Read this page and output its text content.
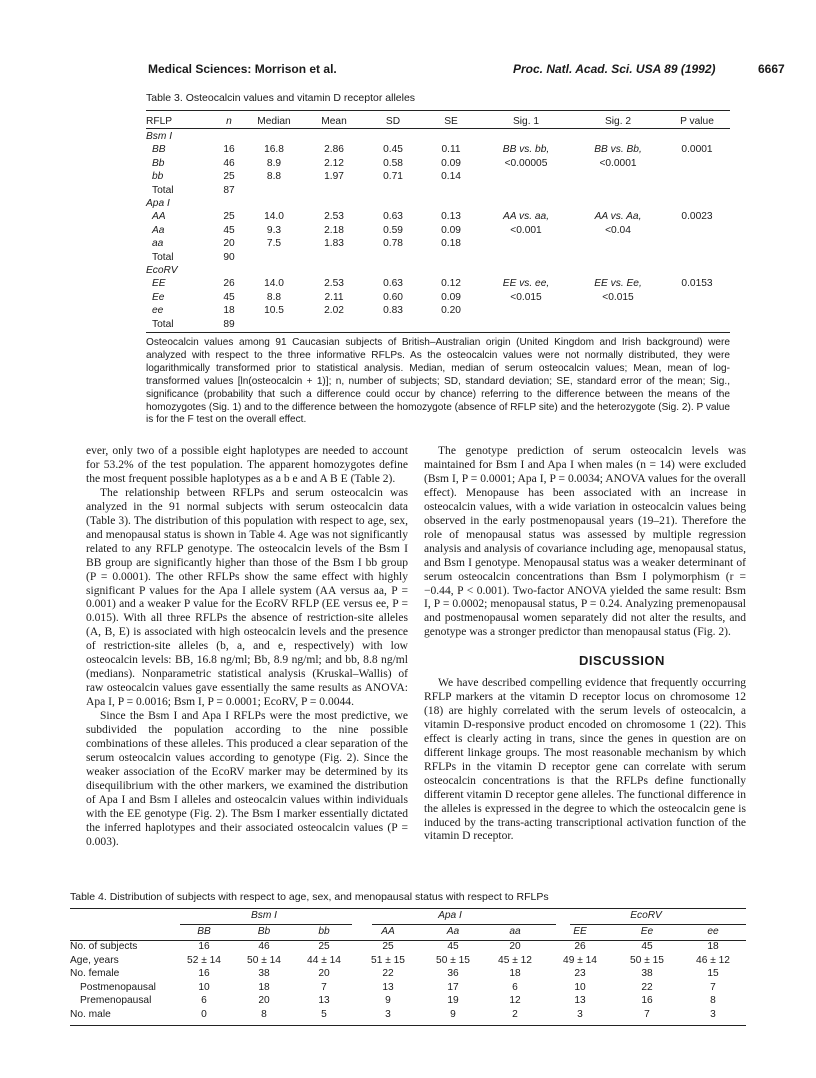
Medical Sciences: Morrison et al.	Proc. Natl. Acad. Sci. USA 89 (1992)	6667
Table 3. Osteocalcin values and vitamin D receptor alleles
RFLP	n	Median	Mean	SD	SE	Sig. 1	Sig. 2	P value
Bsm I								
BB	16	16.8	2.86	0.45	0.11	BB vs. bb,	BB vs. Bb,	0.0001
Bb	46	8.9	2.12	0.58	0.09	<0.00005	<0.0001	
bb	25	8.8	1.97	0.71	0.14			
Total	87							
Apa I								
AA	25	14.0	2.53	0.63	0.13	AA vs. aa,	AA vs. Aa,	0.0023
Aa	45	9.3	2.18	0.59	0.09	<0.001	<0.04	
aa	20	7.5	1.83	0.78	0.18			
Total	90							
EcoRV								
EE	26	14.0	2.53	0.63	0.12	EE vs. ee,	EE vs. Ee,	0.0153
Ee	45	8.8	2.11	0.60	0.09	<0.015	<0.015	
ee	18	10.5	2.02	0.83	0.20			
Total	89							
Osteocalcin values among 91 Caucasian subjects of British–Australian origin (United Kingdom and Irish background) were analyzed with respect to the three informative RFLPs. As the osteocalcin values were not normally distributed, they were logarithmically transformed prior to statistical analysis. Median, median of serum osteocalcin values; Mean, mean of log-transformed values [ln(osteocalcin + 1)]; n, number of subjects; SD, standard deviation; SE, standard error of the mean; Sig., significance (probability that such a difference could occur by chance) referring to the difference between the means of the homozygotes (Sig. 1) and to the difference between the homozygote (absence of RFLP site) and the heterozygote (Sig. 2). P value is for the F test on the overall effect.

ever, only two of a possible eight haplotypes are needed to account for 53.2% of the test population. The apparent homozygotes define the most frequent possible haplotypes as a b e and A B E (Table 2).

The relationship between RFLPs and serum osteocalcin was analyzed in the 91 normal subjects with serum osteocalcin data (Table 3). The distribution of this population with respect to age, sex, and menopausal status is shown in Table 4. Age was not significantly related to any RFLP genotype. The osteocalcin levels of the Bsm I BB group are significantly higher than those of the Bsm I bb group (P = 0.0001). The other RFLPs show the same effect with highly significant P values for the Apa I allele system (AA versus aa, P = 0.001) and a weaker P value for the EcoRV RFLP (EE versus ee, P = 0.015). With all three RFLPs the absence of restriction-site alleles (A, B, E) is associated with high osteocalcin levels and the presence of restriction-site alleles (b, a, and e, respectively) with low osteocalcin levels: BB, 16.8 ng/ml; Bb, 8.9 ng/ml; and bb, 8.8 ng/ml (medians). Nonparametric statistical analysis (Kruskal–Wallis) of raw osteocalcin values gave essentially the same results as ANOVA: Apa I, P = 0.0016; Bsm I, P = 0.0001; EcoRV, P = 0.0044.

Since the Bsm I and Apa I RFLPs were the most predictive, we subdivided the population according to the nine possible combinations of these alleles. This produced a clear separation of the serum osteocalcin values according to genotype (Fig. 2). Since the weaker association of the EcoRV marker may be determined by its disequilibrium with the other markers, we examined the distribution of Apa I and Bsm I alleles and osteocalcin values within individuals with the EE genotype (Fig. 2). The Bsm I marker essentially dictated the inferred haplotypes and their associated osteocalcin values (P = 0.003).

The genotype prediction of serum osteocalcin levels was maintained for Bsm I and Apa I when males (n = 14) were excluded (Bsm I, P = 0.0001; Apa I, P = 0.0034; ANOVA values for the overall effect). Menopause has been associated with an increase in osteocalcin values, with a wide variation in osteocalcin values being observed in the early postmenopausal years (19–21). Therefore the role of menopausal status was assessed by multiple regression analysis and analysis of covariance including age, menopausal status, and Bsm I genotype. Menopausal status was a weaker determinant of serum osteocalcin concentrations than Bsm I polymorphism (r = −0.44, P < 0.001). Two-factor ANOVA yielded the same result: Bsm I, P = 0.0002; menopausal status, P = 0.24. Analyzing premenopausal and postmenopausal women separately did not alter the results, and genotype was a stronger predictor than menopausal status (Fig. 2).

DISCUSSION

We have described compelling evidence that frequently occurring RFLP markers at the vitamin D receptor locus on chromosome 12 (18) are highly correlated with the serum levels of osteocalcin, a vitamin D-responsive product encoded on chromosome 1 (22). This effect is clearly acting in trans, since the genes in question are on different linkage groups. The most reasonable mechanism by which RFLPs in the vitamin D receptor gene can correlate with serum osteocalcin concentrations is that the RFLPs define functionally different vitamin D receptor gene alleles. The functional difference in the alleles is expressed in the degree to which the osteocalcin gene is induced by the trans-acting transcriptional activation function of the vitamin D receptor.

Table 4. Distribution of subjects with respect to age, sex, and menopausal status with respect to RFLPs
	Bsm I			Apa I			EcoRV		
	BB	Bb	bb	AA	Aa	aa	EE	Ee	ee
No. of subjects	16	46	25	25	45	20	26	45	18
Age, years	52 ± 14	50 ± 14	44 ± 14	51 ± 15	50 ± 15	45 ± 12	49 ± 14	50 ± 15	46 ± 12
No. female	16	38	20	22	36	18	23	38	15
Postmenopausal	10	18	7	13	17	6	10	22	7
Premenopausal	6	20	13	9	19	12	13	16	8
No. male	0	8	5	3	9	2	3	7	3
